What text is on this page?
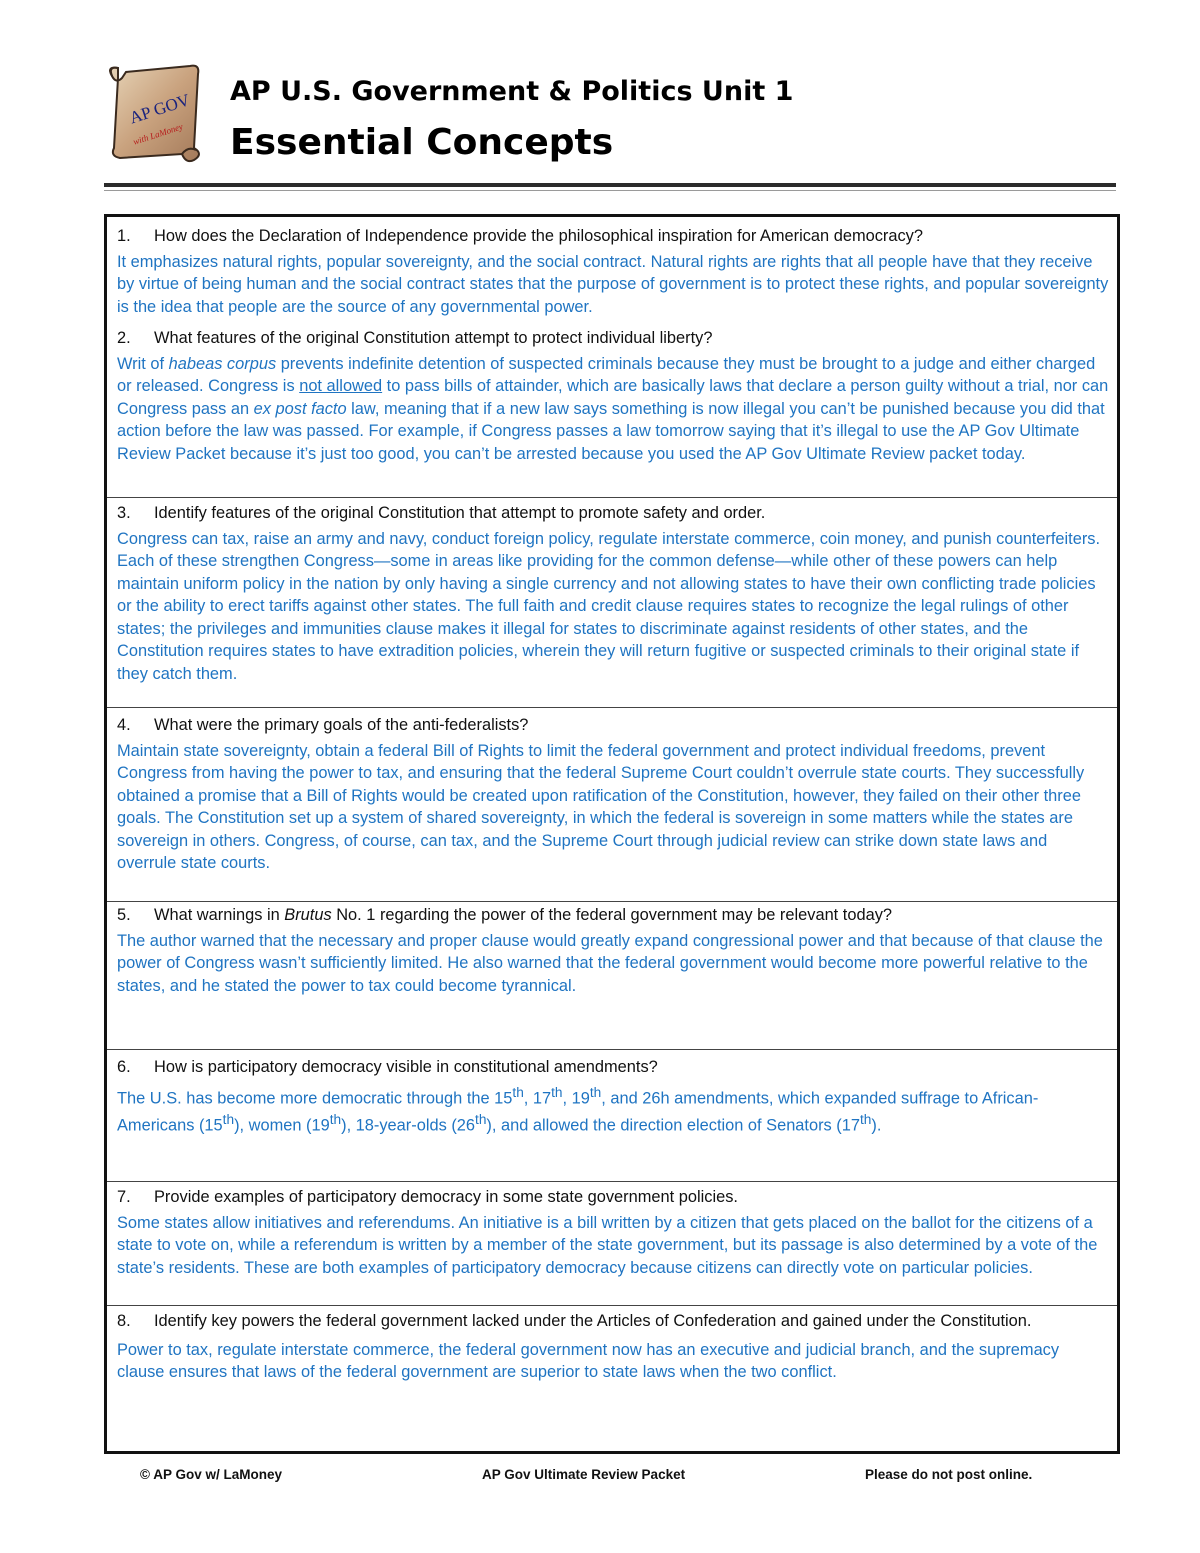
AP GOV
with LaMoney
AP U.S. Government & Politics Unit 1
Essential Concepts
1. How does the Declaration of Independence provide the philosophical inspiration for American democracy?
It emphasizes natural rights, popular sovereignty, and the social contract. Natural rights are rights that all people have that they receive by virtue of being human and the social contract states that the purpose of government is to protect these rights, and popular sovereignty is the idea that people are the source of any governmental power.
2. What features of the original Constitution attempt to protect individual liberty?
Writ of habeas corpus prevents indefinite detention of suspected criminals because they must be brought to a judge and either charged or released. Congress is not allowed to pass bills of attainder, which are basically laws that declare a person guilty without a trial, nor can Congress pass an ex post facto law, meaning that if a new law says something is now illegal you can’t be punished because you did that action before the law was passed. For example, if Congress passes a law tomorrow saying that it’s illegal to use the AP Gov Ultimate Review Packet because it’s just too good, you can’t be arrested because you used the AP Gov Ultimate Review packet today.
3. Identify features of the original Constitution that attempt to promote safety and order.
Congress can tax, raise an army and navy, conduct foreign policy, regulate interstate commerce, coin money, and punish counterfeiters. Each of these strengthen Congress—some in areas like providing for the common defense—while other of these powers can help maintain uniform policy in the nation by only having a single currency and not allowing states to have their own conflicting trade policies or the ability to erect tariffs against other states. The full faith and credit clause requires states to recognize the legal rulings of other states; the privileges and immunities clause makes it illegal for states to discriminate against residents of other states, and the Constitution requires states to have extradition policies, wherein they will return fugitive or suspected criminals to their original state if they catch them.
4. What were the primary goals of the anti-federalists?
Maintain state sovereignty, obtain a federal Bill of Rights to limit the federal government and protect individual freedoms, prevent Congress from having the power to tax, and ensuring that the federal Supreme Court couldn’t overrule state courts. They successfully obtained a promise that a Bill of Rights would be created upon ratification of the Constitution, however, they failed on their other three goals. The Constitution set up a system of shared sovereignty, in which the federal is sovereign in some matters while the states are sovereign in others. Congress, of course, can tax, and the Supreme Court through judicial review can strike down state laws and overrule state courts.
5. What warnings in Brutus No. 1 regarding the power of the federal government may be relevant today?
The author warned that the necessary and proper clause would greatly expand congressional power and that because of that clause the power of Congress wasn’t sufficiently limited. He also warned that the federal government would become more powerful relative to the states, and he stated the power to tax could become tyrannical.
6. How is participatory democracy visible in constitutional amendments?
The U.S. has become more democratic through the 15th, 17th, 19th, and 26h amendments, which expanded suffrage to African-Americans (15th), women (19th), 18-year-olds (26th), and allowed the direction election of Senators (17th).
7. Provide examples of participatory democracy in some state government policies.
Some states allow initiatives and referendums. An initiative is a bill written by a citizen that gets placed on the ballot for the citizens of a state to vote on, while a referendum is written by a member of the state government, but its passage is also determined by a vote of the state’s residents. These are both examples of participatory democracy because citizens can directly vote on particular policies.
8. Identify key powers the federal government lacked under the Articles of Confederation and gained under the Constitution.
Power to tax, regulate interstate commerce, the federal government now has an executive and judicial branch, and the supremacy clause ensures that laws of the federal government are superior to state laws when the two conflict.
© AP Gov w/ LaMoney	AP Gov Ultimate Review Packet	Please do not post online.
